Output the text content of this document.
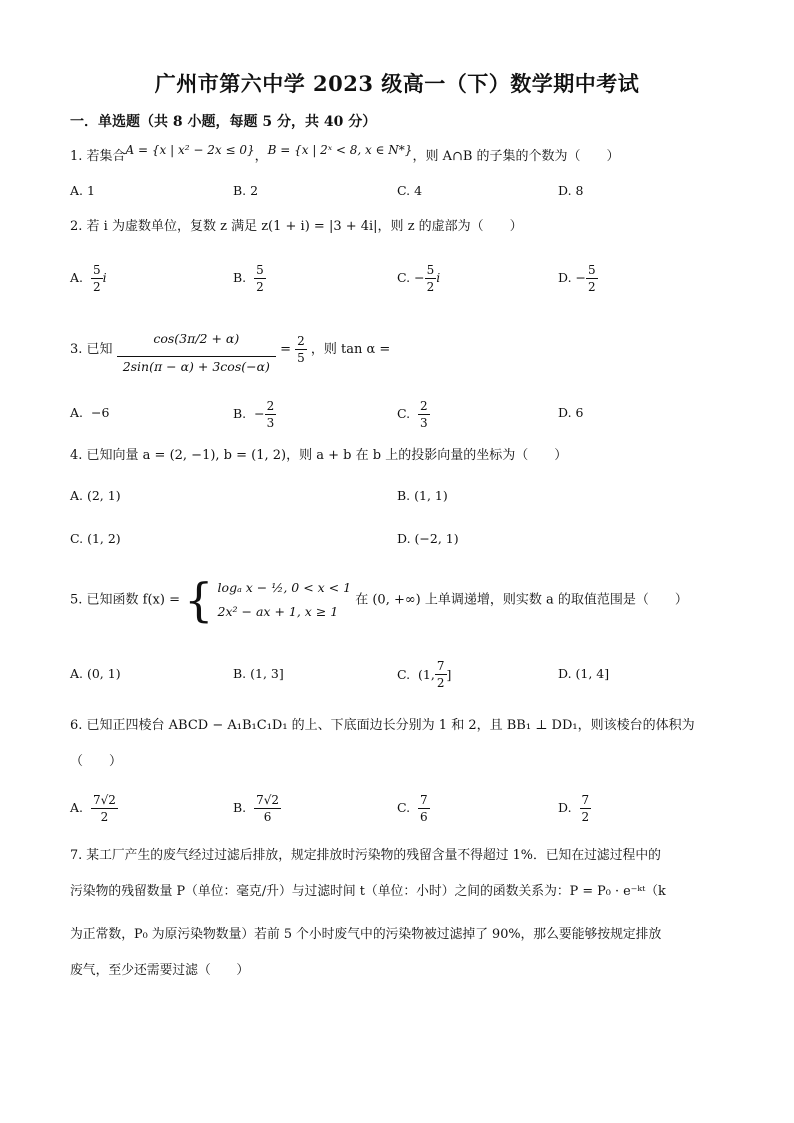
广州市第六中学 2023 级高一（下）数学期中考试
一．单选题（共 8 小题，每题 5 分，共 40 分）
1. 若集合A = {x | x² − 2x ≤ 0}，B = {x | 2ˣ < 8, x ∈ N*}，则 A∩B 的子集的个数为（　　）
A. 1	B. 2	C. 4	D. 8
2. 若 i 为虚数单位，复数 z 满足 z(1 + i) = |3 + 4i|，则 z 的虚部为（　　）
A. $\frac{5}{2}$ i	B. $\frac{5}{2}$	C. − $\frac{5}{2}$ i	D. − $\frac{5}{2}$
3. 已知 $\frac{\cos(3\pi/2 + \alpha)}{2\sin(\pi - \alpha) + 3\cos(-\alpha)} = \frac{2}{5}$ ，则 tan α =
A. −6	B. − $\frac{2}{3}$	C. $\frac{2}{3}$	D. 6
4. 已知向量 a = (2, −1), b = (1, 2)，则 a + b 在 b 上的投影向量的坐标为（　　）
A. (2, 1)	B. (1, 1)
C. (1, 2)	D. (−2, 1)
5. 已知函数 f(x) = { logₐ x − ½, 0 < x < 1
2x² − ax + 1, x ≥ 1
在 (0, +∞) 上单调递增，则实数 a 的取值范围是（　　）
A. (0, 1)	B. (1, 3]	C. (1, $\frac{7}{2}$ ]	D. (1, 4]
6. 已知正四棱台 ABCD − A₁B₁C₁D₁ 的上、下底面边长分别为 1 和 2，且 BB₁ ⊥ DD₁，则该棱台的体积为
（　　）
A. $\frac{7√2}{2}$	B. $\frac{7√2}{6}$	C. $\frac{7}{6}$	D. $\frac{7}{2}$
7. 某工厂产生的废气经过过滤后排放，规定排放时污染物的残留含量不得超过 1%．已知在过滤过程中的
污染物的残留数量 P（单位：毫克/升）与过滤时间 t（单位：小时）之间的函数关系为：P = P₀ · e⁻ᵏᵗ（k
为正常数，P₀ 为原污染物数量）若前 5 个小时废气中的污染物被过滤掉了 90%，那么要能够按规定排放
废气，至少还需要过滤（　　）
